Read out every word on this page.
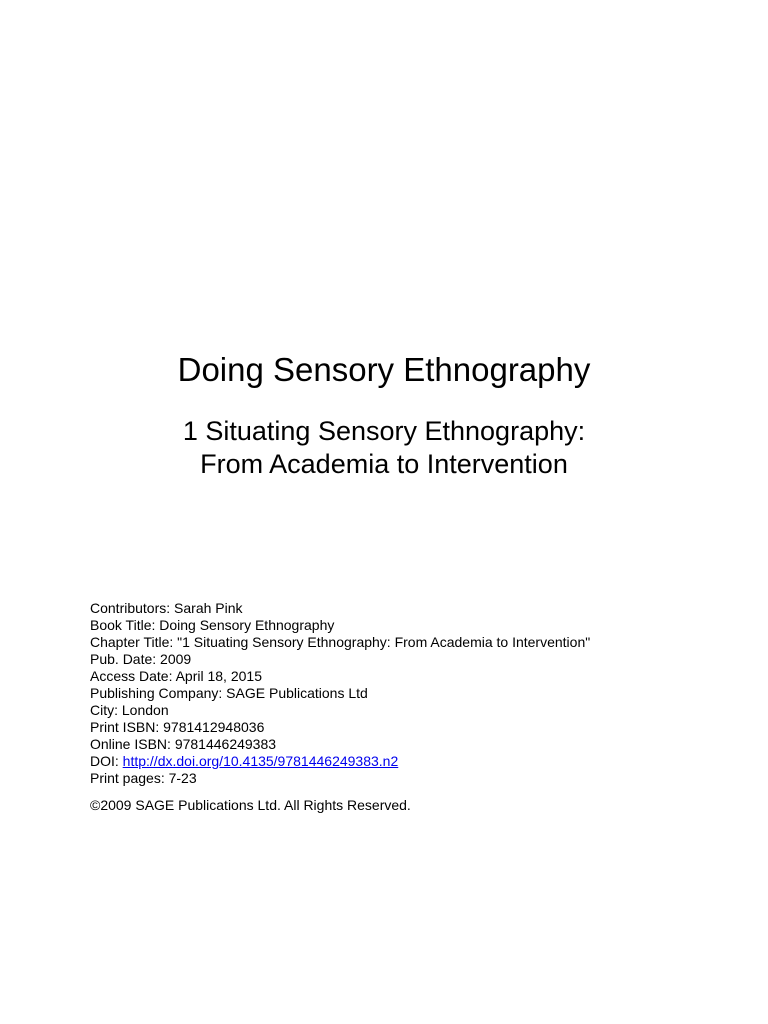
Doing Sensory Ethnography
1 Situating Sensory Ethnography:
From Academia to Intervention
Contributors: Sarah Pink
Book Title: Doing Sensory Ethnography
Chapter Title: "1 Situating Sensory Ethnography: From Academia to Intervention"
Pub. Date: 2009
Access Date: April 18, 2015
Publishing Company: SAGE Publications Ltd
City: London
Print ISBN: 9781412948036
Online ISBN: 9781446249383
DOI: http://dx.doi.org/10.4135/9781446249383.n2
Print pages: 7-23
©2009 SAGE Publications Ltd. All Rights Reserved.
